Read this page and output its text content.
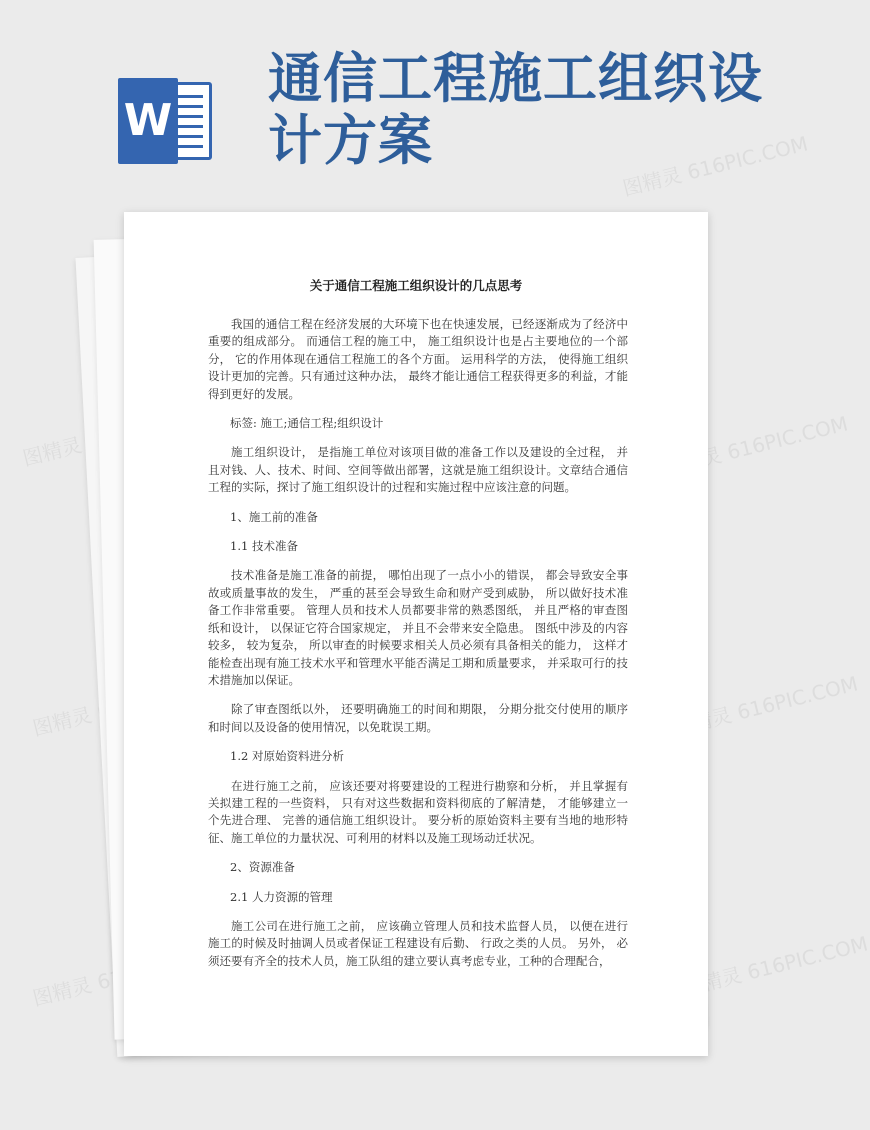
W
通信工程施工组织设计方案	图精灵 616PIC.COM
图精灵	图精灵 616PIC.COM
图精灵	图精灵 616PIC.COM
图精灵	图精灵 616PIC.COM
关于通信工程施工组织设计的几点思考

我国的通信工程在经济发展的大环境下也在快速发展，已经逐渐成为了经济中重要的组成部分。 而通信工程的施工中， 施工组织设计也是占主要地位的一个部分， 它的作用体现在通信工程施工的各个方面。 运用科学的方法， 使得施工组织设计更加的完善。只有通过这种办法， 最终才能让通信工程获得更多的利益，才能得到更好的发展。

标签: 施工;通信工程;组织设计

施工组织设计， 是指施工单位对该项目做的准备工作以及建设的全过程， 并且对钱、人、技术、时间、空间等做出部署，这就是施工组织设计。文章结合通信工程的实际，探讨了施工组织设计的过程和实施过程中应该注意的问题。

1、施工前的准备

1.1 技术准备

技术准备是施工准备的前提， 哪怕出现了一点小小的错误， 都会导致安全事故或质量事故的发生， 严重的甚至会导致生命和财产受到威胁， 所以做好技术准备工作非常重要。 管理人员和技术人员都要非常的熟悉图纸， 并且严格的审查图纸和设计， 以保证它符合国家规定， 并且不会带来安全隐患。 图纸中涉及的内容较多， 较为复杂， 所以审查的时候要求相关人员必须有具备相关的能力， 这样才能检查出现有施工技术水平和管理水平能否满足工期和质量要求， 并采取可行的技术措施加以保证。

除了审查图纸以外， 还要明确施工的时间和期限， 分期分批交付使用的顺序和时间以及设备的使用情况，以免耽误工期。

1.2 对原始资料进分析

在进行施工之前， 应该还要对将要建设的工程进行勘察和分析， 并且掌握有关拟建工程的一些资料， 只有对这些数据和资料彻底的了解清楚， 才能够建立一个先进合理、 完善的通信施工组织设计。 要分析的原始资料主要有当地的地形特征、施工单位的力量状况、可利用的材料以及施工现场动迁状况。

2、资源准备

2.1 人力资源的管理

施工公司在进行施工之前， 应该确立管理人员和技术监督人员， 以便在进行施工的时候及时抽调人员或者保证工程建设有后勤、 行政之类的人员。 另外， 必须还要有齐全的技术人员，施工队组的建立要认真考虑专业，工种的合理配合，
